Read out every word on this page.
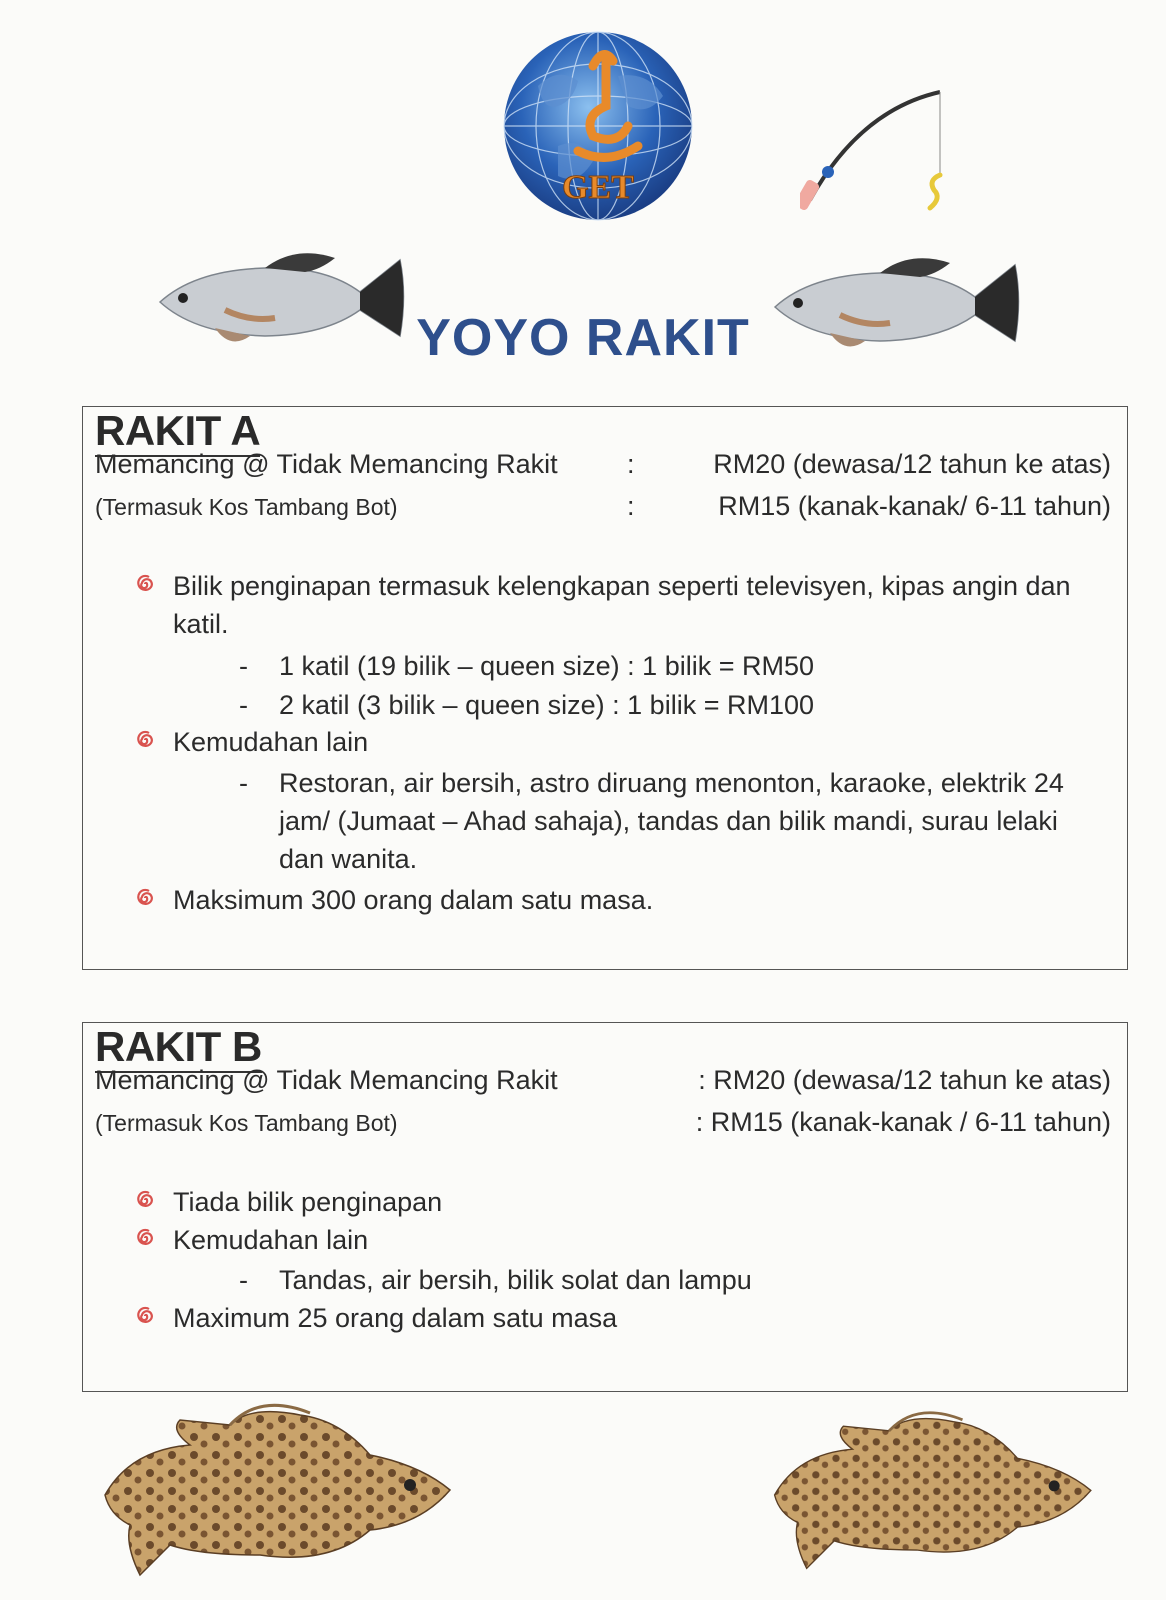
GET
YOYO RAKIT
RAKIT A
Memancing @ Tidak Memancing Rakit	:	RM20 (dewasa/12 tahun ke atas)
(Termasuk Kos Tambang Bot)	:	RM15 (kanak-kanak/ 6-11 tahun)
Bilik penginapan termasuk kelengkapan seperti televisyen, kipas angin dan katil.
- 1 katil (19 bilik – queen size) : 1 bilik = RM50
- 2 katil (3 bilik – queen size) : 1 bilik = RM100
Kemudahan lain
- Restoran, air bersih, astro diruang menonton, karaoke, elektrik 24 jam/ (Jumaat – Ahad sahaja), tandas dan bilik mandi, surau lelaki dan wanita.
Maksimum 300 orang dalam satu masa.
RAKIT B
Memancing @ Tidak Memancing Rakit	: RM20 (dewasa/12 tahun ke atas)
(Termasuk Kos Tambang Bot)	: RM15 (kanak-kanak / 6-11 tahun)
Tiada bilik penginapan
Kemudahan lain
- Tandas, air bersih, bilik solat dan lampu
Maximum 25 orang dalam satu masa
